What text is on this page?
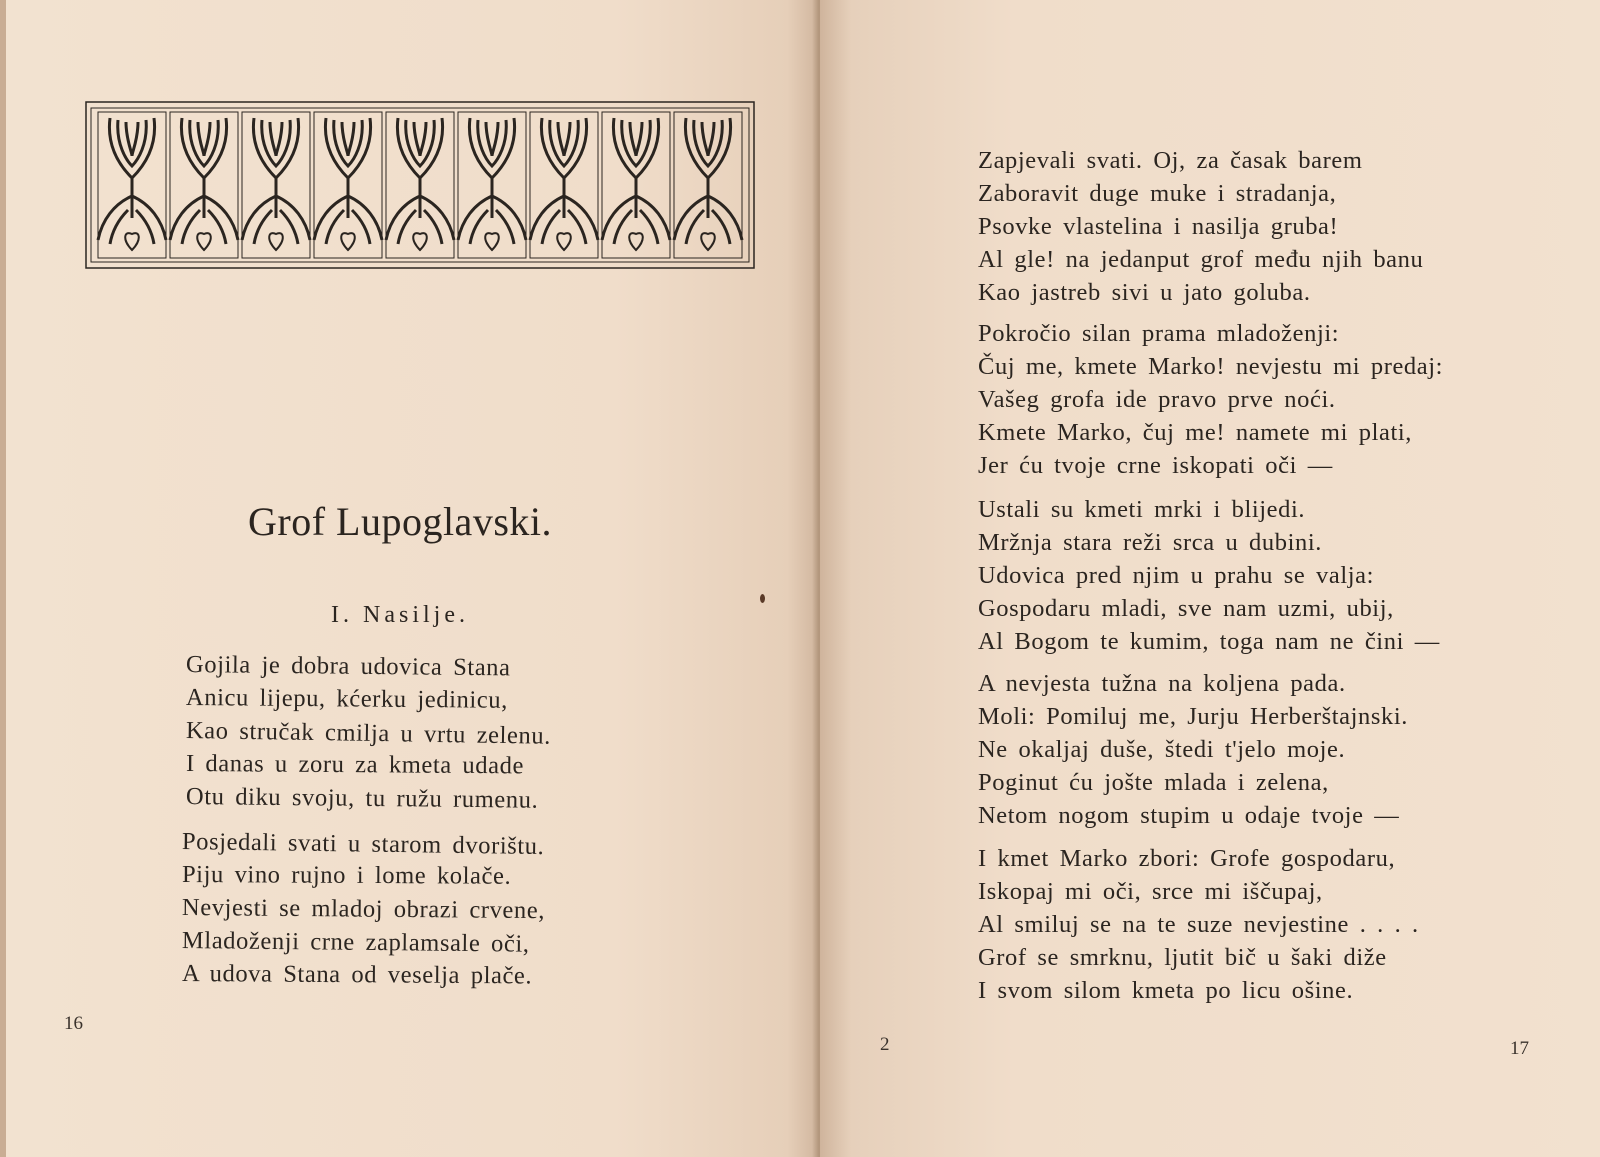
Grof Lupoglavski.
I. Nasilje.
Gojila je dobra udovica Stana
Anicu lijepu, kćerku jedinicu,
Kao stručak cmilja u vrtu zelenu.
I danas u zoru za kmeta udade
Otu diku svoju, tu ružu rumenu.
Posjedali svati u starom dvorištu.
Piju vino rujno i lome kolače.
Nevjesti se mladoj obrazi crvene,
Mladoženji crne zaplamsale oči,
A udova Stana od veselja plače.
16
Zapjevali svati. Oj, za časak barem
Zaboravit duge muke i stradanja,
Psovke vlastelina i nasilja gruba!
Al gle! na jedanput grof među njih banu
Kao jastreb sivi u jato goluba.
Pokročio silan prama mladoženji:
Čuj me, kmete Marko! nevjestu mi predaj:
Vašeg grofa ide pravo prve noći.
Kmete Marko, čuj me! namete mi plati,
Jer ću tvoje crne iskopati oči —
Ustali su kmeti mrki i blijedi.
Mržnja stara reži srca u dubini.
Udovica pred njim u prahu se valja:
Gospodaru mladi, sve nam uzmi, ubij,
Al Bogom te kumim, toga nam ne čini —
A nevjesta tužna na koljena pada.
Moli: Pomiluj me, Jurju Herberštajnski.
Ne okaljaj duše, štedi t'jelo moje.
Poginut ću jošte mlada i zelena,
Netom nogom stupim u odaje tvoje —
I kmet Marko zbori: Grofe gospodaru,
Iskopaj mi oči, srce mi iščupaj,
Al smiluj se na te suze nevjestine . . . .
Grof se smrknu, ljutit bič u šaki diže
I svom silom kmeta po licu ošine.
2	17
